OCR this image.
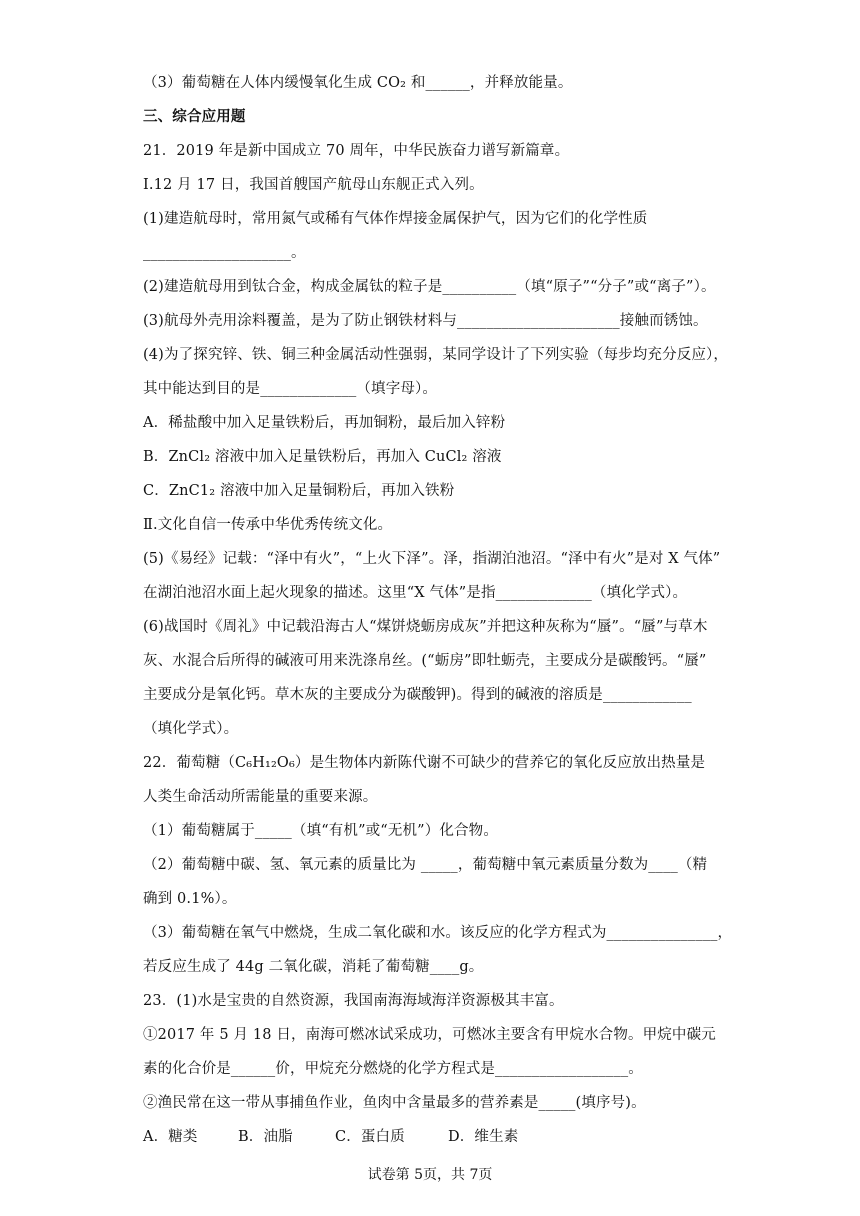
（3）葡萄糖在人体内缓慢氧化生成 CO₂ 和______，并释放能量。
三、综合应用题
21．2019 年是新中国成立 70 周年，中华民族奋力谱写新篇章。
I.12 月 17 日，我国首艘国产航母山东舰正式入列。
(1)建造航母时，常用氮气或稀有气体作焊接金属保护气，因为它们的化学性质
____________________。
(2)建造航母用到钛合金，构成金属钛的粒子是__________（填“原子”“分子”或“离子”）。
(3)航母外壳用涂料覆盖，是为了防止钢铁材料与______________________接触而锈蚀。
(4)为了探究锌、铁、铜三种金属活动性强弱，某同学设计了下列实验（每步均充分反应），
其中能达到目的是_____________（填字母）。
A．稀盐酸中加入足量铁粉后，再加铜粉，最后加入锌粉
B．ZnCl₂ 溶液中加入足量铁粉后，再加入 CuCl₂ 溶液
C．ZnC1₂ 溶液中加入足量铜粉后，再加入铁粉
Ⅱ.文化自信一传承中华优秀传统文化。
(5)《易经》记载：“泽中有火”，“上火下泽”。泽，指湖泊池沼。“泽中有火”是对 X 气体”
在湖泊池沼水面上起火现象的描述。这里“X 气体”是指_____________（填化学式）。
(6)战国时《周礼》中记载沿海古人“煤饼烧蛎房成灰”并把这种灰称为“蜃”。“蜃”与草木
灰、水混合后所得的碱液可用来洗涤帛丝。(“蛎房”即牡蛎壳，主要成分是碳酸钙。“蜃”
主要成分是氧化钙。草木灰的主要成分为碳酸钾)。得到的碱液的溶质是____________
（填化学式）。
22．葡萄糖（C₆H₁₂O₆）是生物体内新陈代谢不可缺少的营养它的氧化反应放出热量是
人类生命活动所需能量的重要来源。
（1）葡萄糖属于_____（填“有机”或“无机”）化合物。
（2）葡萄糖中碳、氢、氧元素的质量比为 _____，葡萄糖中氧元素质量分数为____（精
确到 0.1%）。
（3）葡萄糖在氧气中燃烧，生成二氧化碳和水。该反应的化学方程式为_______________，
若反应生成了 44g 二氧化碳，消耗了葡萄糖____g。
23．(1)水是宝贵的自然资源，我国南海海域海洋资源极其丰富。
①2017 年 5 月 18 日，南海可燃冰试采成功，可燃冰主要含有甲烷水合物。甲烷中碳元
素的化合价是______价，甲烷充分燃烧的化学方程式是__________________。
②渔民常在这一带从事捕鱼作业，鱼肉中含量最多的营养素是_____(填序号)。
A．糖类	B．油脂	C．蛋白质	D．维生素
试卷第 5页，共 7页
